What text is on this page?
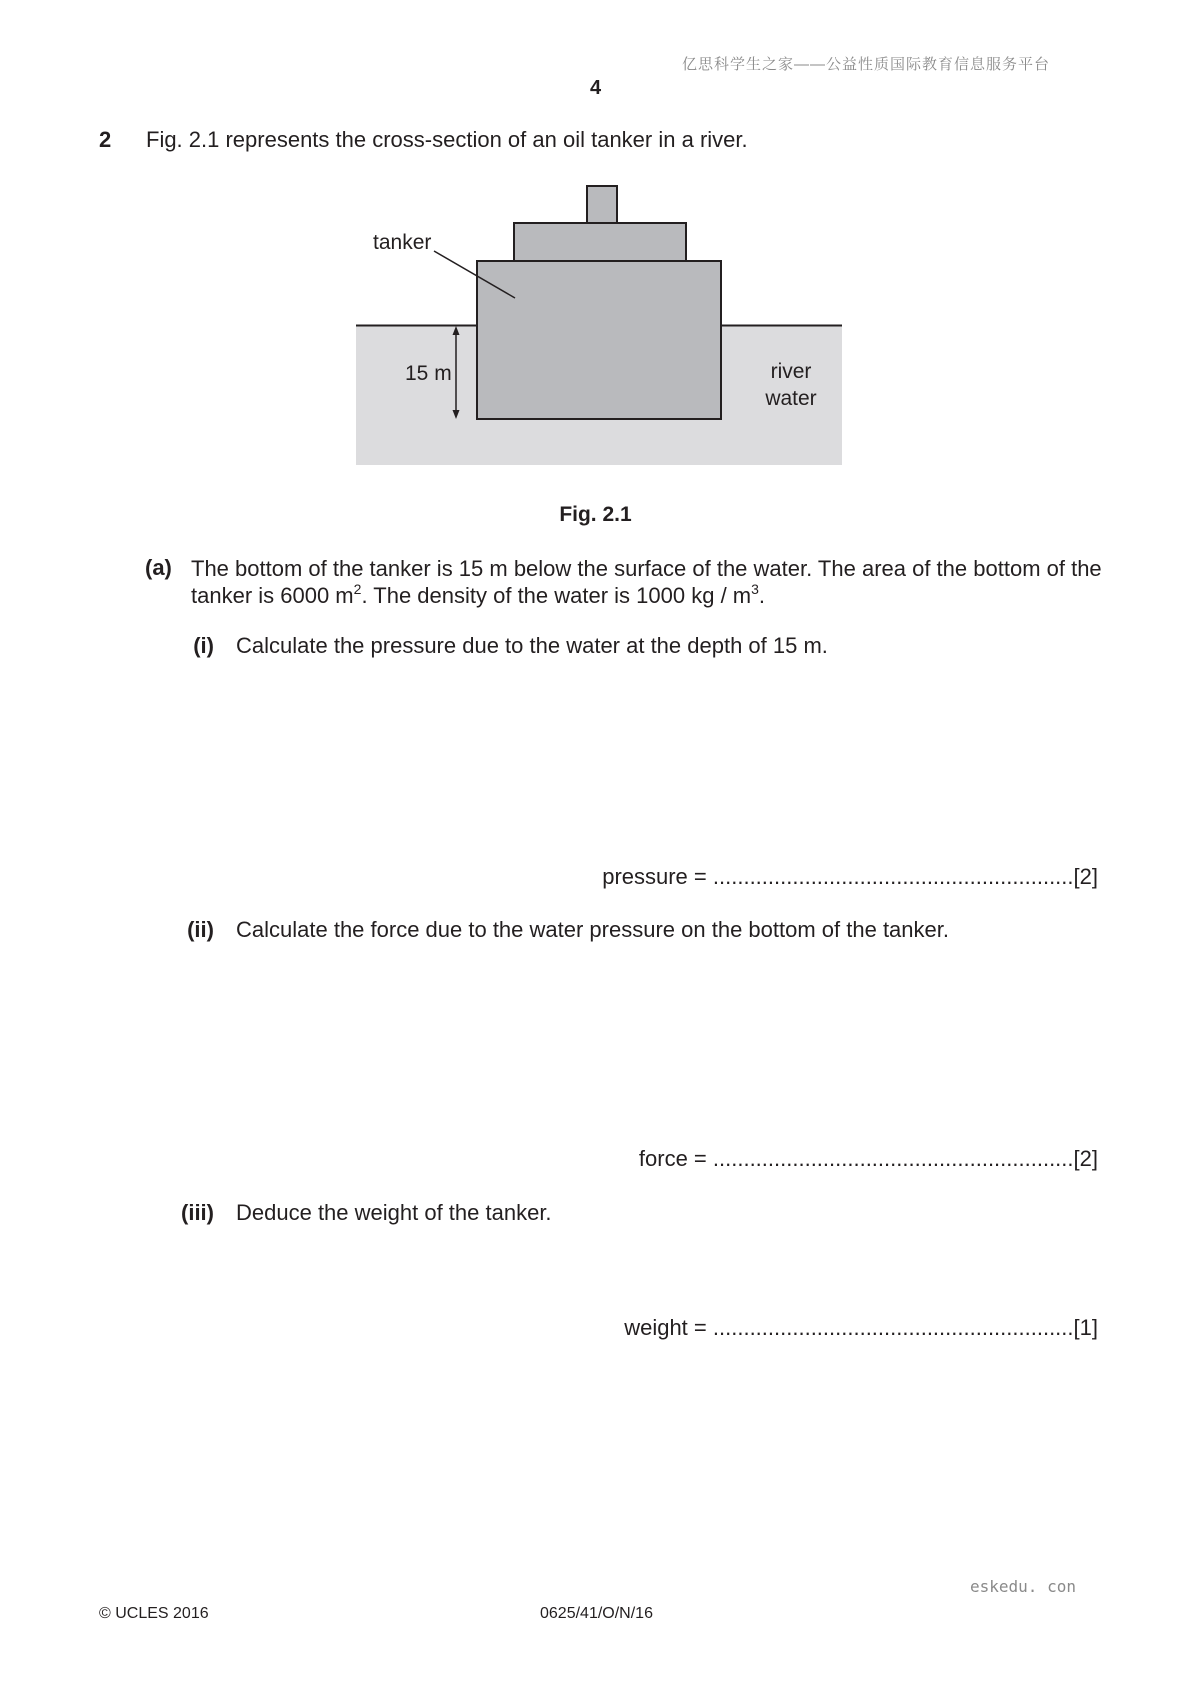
亿思科学生之家——公益性质国际教育信息服务平台
4
2 Fig. 2.1 represents the cross-section of an oil tanker in a river.
tanker
15 m	river
water
Fig. 2.1
(a) The bottom of the tanker is 15 m below the surface of the water. The area of the bottom of the tanker is 6000 $m^2$. The density of the water is 1000 kg / $m^3$.
(i) Calculate the pressure due to the water at the depth of 15 m.
pressure = ...........................................................[2]
(ii) Calculate the force due to the water pressure on the bottom of the tanker.
force = ...........................................................[2]
(iii) Deduce the weight of the tanker.
weight = ...........................................................[1]
eskedu. con
© UCLES 2016	0625/41/O/N/16
